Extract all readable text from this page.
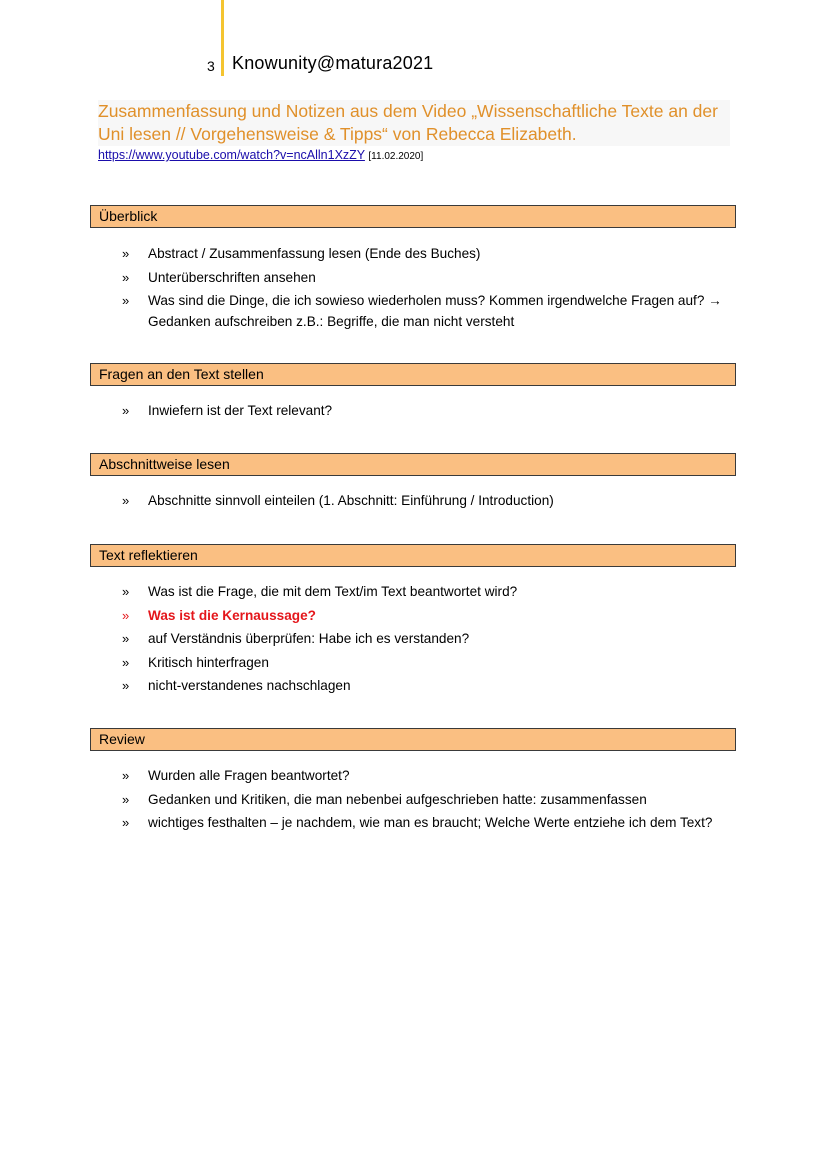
3 Knowunity@matura2021
Zusammenfassung und Notizen aus dem Video „Wissenschaftliche Texte an der Uni lesen // Vorgehensweise & Tipps“ von Rebecca Elizabeth.
https://www.youtube.com/watch?v=ncAlln1XzZY [11.02.2020]
Überblick
» Abstract / Zusammenfassung lesen (Ende des Buches)
» Unterüberschriften ansehen
» Was sind die Dinge, die ich sowieso wiederholen muss? Kommen irgendwelche Fragen auf? → Gedanken aufschreiben z.B.: Begriffe, die man nicht versteht
Fragen an den Text stellen
» Inwiefern ist der Text relevant?
Abschnittweise lesen
» Abschnitte sinnvoll einteilen (1. Abschnitt: Einführung / Introduction)
Text reflektieren
» Was ist die Frage, die mit dem Text/im Text beantwortet wird?
» Was ist die Kernaussage?
» auf Verständnis überprüfen: Habe ich es verstanden?
» Kritisch hinterfragen
» nicht-verstandenes nachschlagen
Review
» Wurden alle Fragen beantwortet?
» Gedanken und Kritiken, die man nebenbei aufgeschrieben hatte: zusammenfassen
» wichtiges festhalten – je nachdem, wie man es braucht; Welche Werte entziehe ich dem Text?
